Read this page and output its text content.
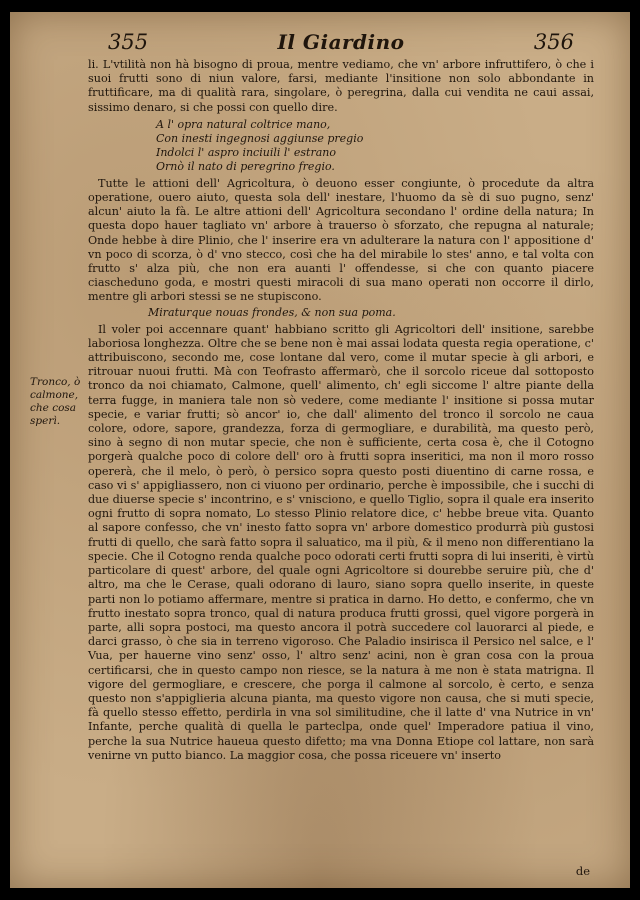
355	Il Giardino	356
Tronco, ò
calmone,
che cosa
sperì.

li. L'vtilità non hà bisogno di proua, mentre vediamo, che vn' arbore infruttifero, ò che i suoi frutti sono di niun valore, farsi, mediante l'insitione non solo abbondante in fruttificare, ma di qualità rara, singolare, ò peregrina, dalla cui vendita ne caui assai, sissimo denaro, si che possi con quello dire.

A l' opra natural coltrice mano,
Con inesti ingegnosi aggiunse pregio
Indolci l' aspro inciuili l' estrano
Ornò il nato di peregrino fregio.

Tutte le attioni dell' Agricoltura, ò deuono esser congiunte, ò procedute da altra operatione, ouero aiuto, questa sola dell' inestare, l'huomo da sè di suo pugno, senz' alcun' aiuto la fà. Le altre attioni dell' Agricoltura secondano l' ordine della natura; In questa dopo hauer tagliato vn' arbore à trauerso ò sforzato, che repugna al naturale; Onde hebbe à dire Plinio, che l' inserire era vn adulterare la natura con l' appositione d' vn poco di scorza, ò d' vno stecco, così che ha del mirabile lo stes' anno, e tal volta con frutto s' alza più, che non era auanti l' offendesse, si che con quanto piacere ciascheduno goda, e mostri questi miracoli di sua mano operati non occorre il dirlo, mentre gli arbori stessi se ne stupiscono.

Miraturque nouas frondes, & non sua poma.

Il voler poi accennare quant' habbiano scritto gli Agricoltori dell' insitione, sarebbe laboriosa longhezza. Oltre che se bene non è mai assai lodata questa regia operatione, c' attribuiscono, secondo me, cose lontane dal vero, come il mutar specie à gli arbori, e ritrouar nuoui frutti. Mà con Teofrasto affermarò, che il sorcolo riceue dal sottoposto tronco da noi chiamato, Calmone, quell' alimento, ch' egli siccome l' altre piante della terra fugge, in maniera tale non sò vedere, come mediante l' insitione si possa mutar specie, e variar frutti; sò ancor' io, che dall' alimento del tronco il sorcolo ne caua colore, odore, sapore, grandezza, forza di germogliare, e durabilità, ma questo però, sino à segno di non mutar specie, che non è sufficiente, certa cosa è, che il Cotogno porgerà qualche poco di colore dell' oro à frutti sopra inseritici, ma non il moro rosso opererà, che il melo, ò però, ò persico sopra questo posti diuentino di carne rossa, e caso vi s' appigliassero, non ci viuono per ordinario, perche è impossibile, che i succhi di due diuerse specie s' incontrino, e s' vnisciono, e quello Tiglio, sopra il quale era inserito ogni frutto di sopra nomato, Lo stesso Plinio relatore dice, c' hebbe breue vita. Quanto al sapore confesso, che vn' inesto fatto sopra vn' arbore domestico produrrà più gustosi frutti di quello, che sarà fatto sopra il saluatico, ma il più, & il meno non differentiano la specie. Che il Cotogno renda qualche poco odorati certi frutti sopra di lui inseriti, è virtù particolare di quest' arbore, del quale ogni Agricoltore si dourebbe seruire più, che d' altro, ma che le Cerase, quali odorano di lauro, siano sopra quello inserite, in queste parti non lo potiamo affermare, mentre si pratica in darno. Ho detto, e confermo, che vn frutto inestato sopra tronco, qual di natura produca frutti grossi, quel vigore porgerà in parte, alli sopra postoci, ma questo ancora il potrà succedere col lauorarci al piede, e darci grasso, ò che sia in terreno vigoroso. Che Paladio insirisca il Persico nel salce, e l' Vua, per hauerne vino senz' osso, l' altro senz' acini, non è gran cosa con la proua certificarsi, che in questo campo non riesce, se la natura à me non è stata matrigna. Il vigore del germogliare, e crescere, che porga il calmone al sorcolo, è certo, e senza questo non s'appiglieria alcuna pianta, ma questo vigore non causa, che si muti specie, fà quello stesso effetto, perdirla in vna sol similitudine, che il latte d' vna Nutrice in vn' Infante, perche qualità di quella le parteclpa, onde quel' Imperadore patiua il vino, perche la sua Nutrice haueua questo difetto; ma vna Donna Etiope col lattare, non sarà venirne vn putto bianco. La maggior cosa, che possa riceuere vn' inserto

de
